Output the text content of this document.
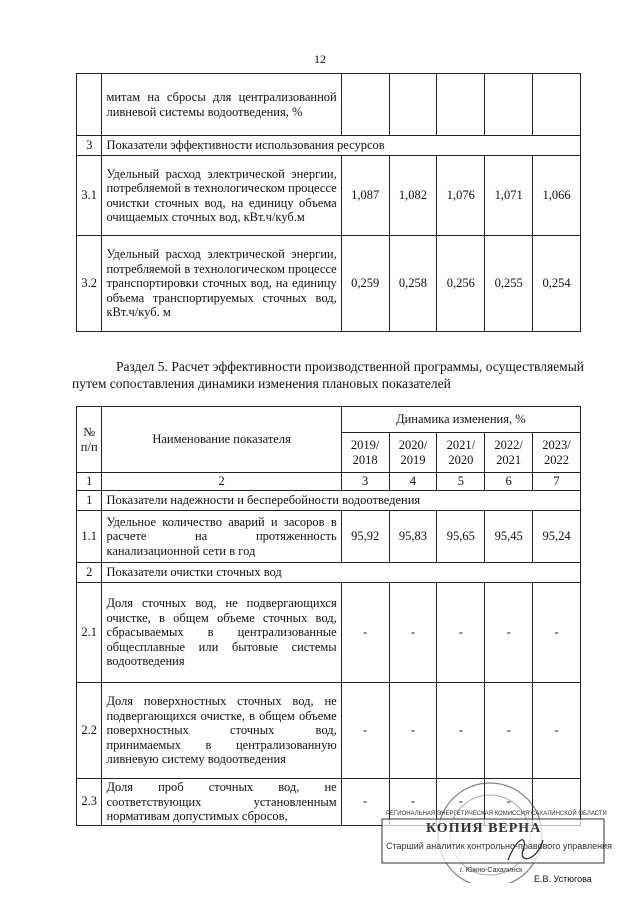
12
	митам на сбросы для централизованной ливневой системы водоотведения, %					
3	Показатели эффективности использования ресурсов					
3.1	Удельный расход электрической энергии, потребляемой в технологическом процессе очистки сточных вод, на единицу объема очищаемых сточных вод, кВт.ч/куб.м	1,087	1,082	1,076	1,071	1,066
3.2	Удельный расход электрической энергии, потребляемой в технологическом процессе транспортировки сточных вод, на единицу объема транспортируемых сточных вод, кВт.ч/куб. м	0,259	0,258	0,256	0,255	0,254
Раздел 5. Расчет эффективности производственной программы, осуществляемый путем сопоставления динамики изменения плановых показателей
№ п/п	Наименование показателя	Динамика изменения, %				
		2019/ 2018	2020/ 2019	2021/ 2020	2022/ 2021	2023/ 2022
1	2	3	4	5	6	7
1	Показатели надежности и бесперебойности водоотведения					
1.1	Удельное количество аварий и засоров в расчете на протяженность канализационной сети в год	95,92	95,83	95,65	95,45	95,24
2	Показатели очистки сточных вод					
2.1	Доля сточных вод, не подвергающихся очистке, в общем объеме сточных вод, сбрасываемых в централизованные общесплавные или бытовые системы водоотведения	-	-	-	-	-
2.2	Доля поверхностных сточных вод, не подвергающихся очистке, в общем объеме поверхностных сточных вод, принимаемых в централизованную ливневую систему водоотведения	-	-	-	-	-
2.3	Доля проб сточных вод, не соответствующих установленным нормативам допустимых сбросов,	-	-	-	-	
РЕГИОНАЛЬНАЯ ЭНЕРГЕТИЧЕСКАЯ КОМИССИЯ САХАЛИНСКОЙ ОБЛАСТИ
КОПИЯ ВЕРНА
Старший аналитик контрольно-правового управления
г. Южно-Сахалинск
Е.В. Устюгова
